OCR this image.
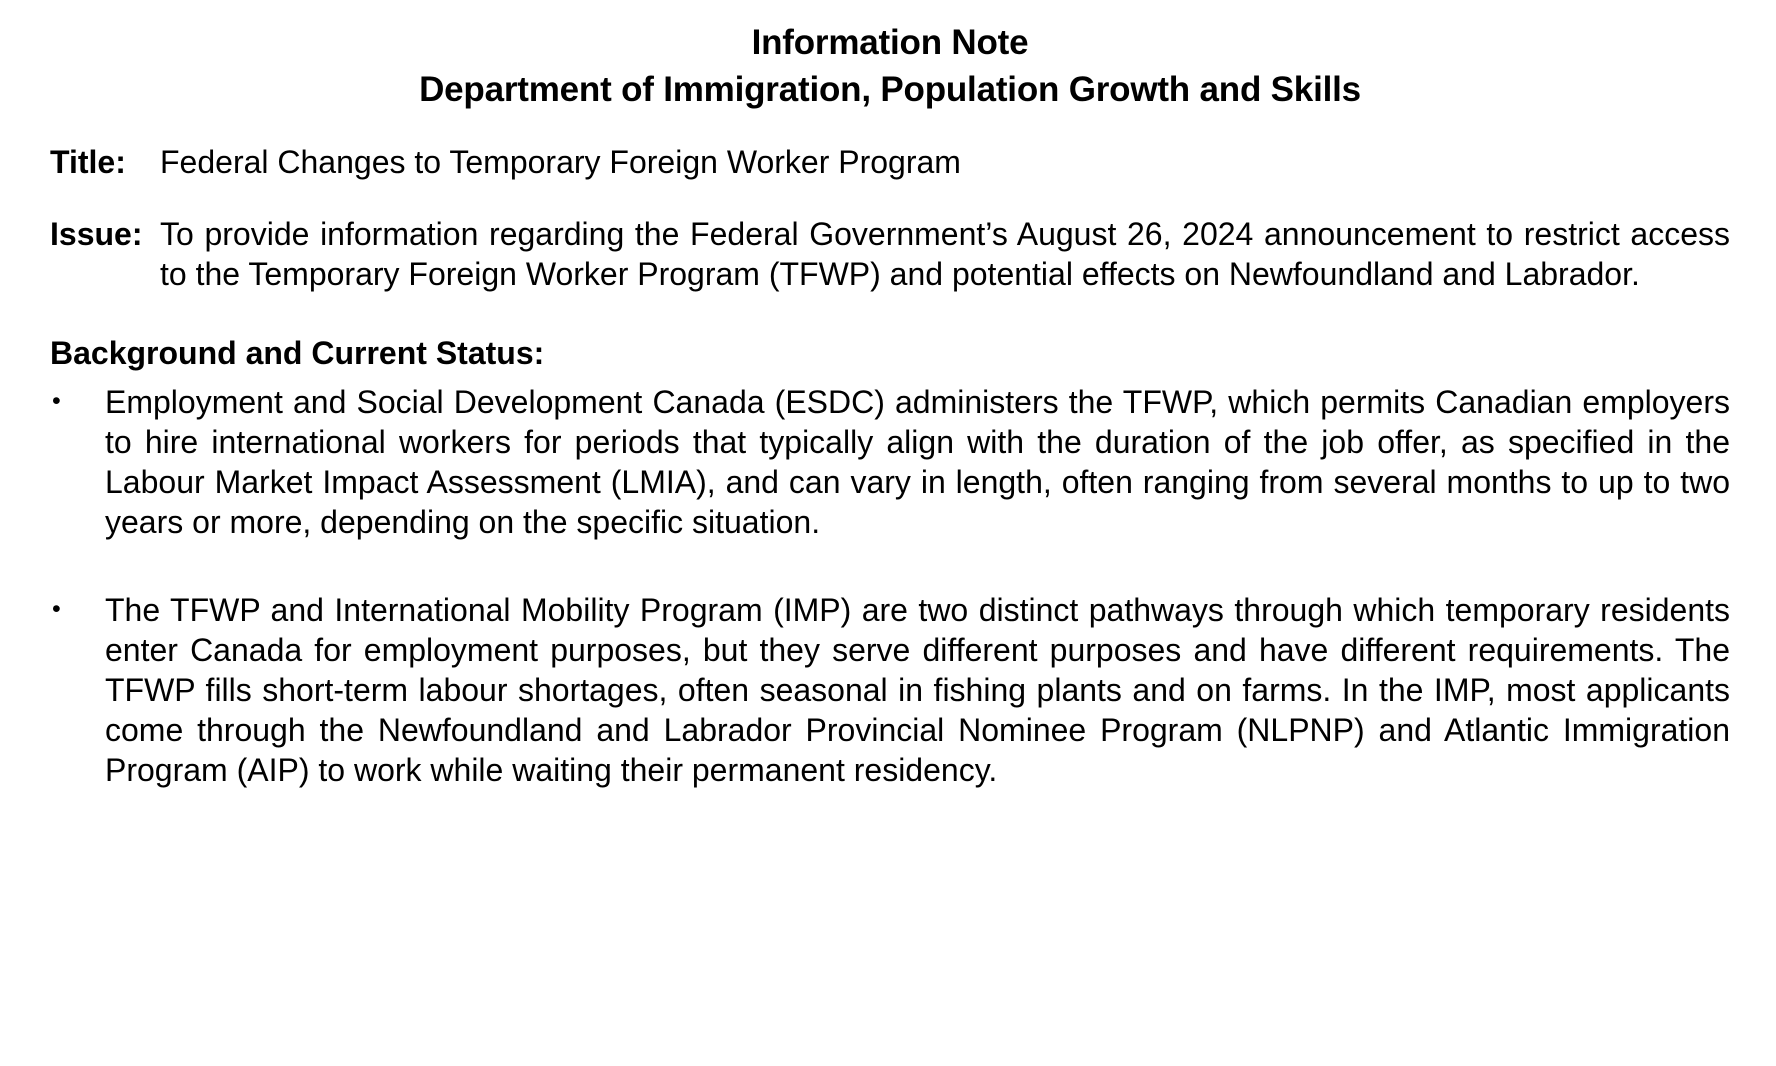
Information Note
Department of Immigration, Population Growth and Skills
Title:	Federal Changes to Temporary Foreign Worker Program

Issue: To provide information regarding the Federal Government’s August 26, 2024 announcement to restrict access to the Temporary Foreign Worker Program (TFWP) and potential effects on Newfoundland and Labrador.

Background and Current Status:
•	Employment and Social Development Canada (ESDC) administers the TFWP, which permits Canadian employers to hire international workers for periods that typically align with the duration of the job offer, as specified in the Labour Market Impact Assessment (LMIA), and can vary in length, often ranging from several months to up to two years or more, depending on the specific situation.

•	The TFWP and International Mobility Program (IMP) are two distinct pathways through which temporary residents enter Canada for employment purposes, but they serve different purposes and have different requirements. The TFWP fills short-term labour shortages, often seasonal in fishing plants and on farms. In the IMP, most applicants come through the Newfoundland and Labrador Provincial Nominee Program (NLPNP) and Atlantic Immigration Program (AIP) to work while waiting their permanent residency.
